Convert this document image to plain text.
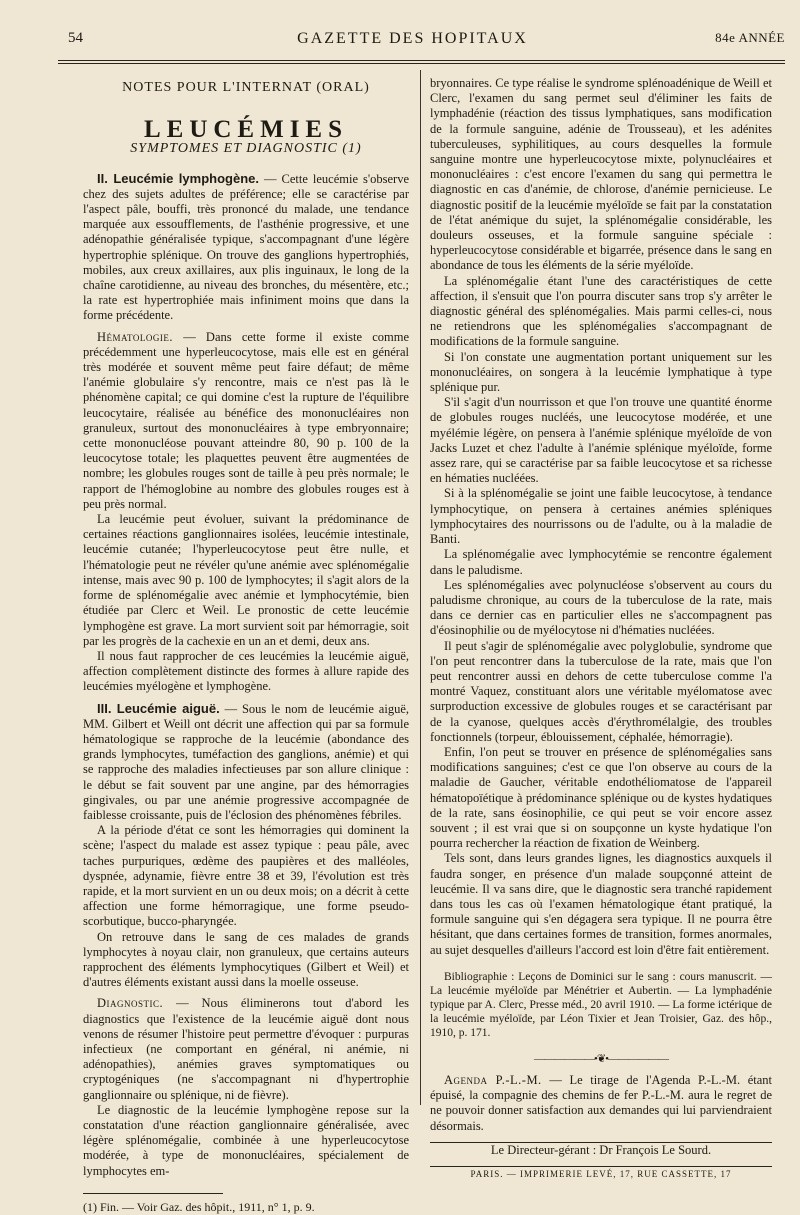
54	GAZETTE DES HOPITAUX	84e ANNÉE
NOTES POUR L'INTERNAT (ORAL)
LEUCÉMIES
SYMPTOMES ET DIAGNOSTIC (1)

II. Leucémie lymphogène. — Cette leucémie s'observe chez des sujets adultes de préférence; elle se caractérise par l'aspect pâle, bouffi, très prononcé du malade, une tendance marquée aux essoufflements, de l'asthénie progressive, et une adénopathie généralisée typique, s'accompagnant d'une légère hypertrophie splénique. On trouve des ganglions hypertrophiés, mobiles, aux creux axillaires, aux plis inguinaux, le long de la chaîne carotidienne, au niveau des bronches, du mésentère, etc.; la rate est hypertrophiée mais infiniment moins que dans la forme précédente.

Hématologie. — Dans cette forme il existe comme précédemment une hyperleucocytose, mais elle est en général très modérée et souvent même peut faire défaut; de même l'anémie globulaire s'y rencontre, mais ce n'est pas là le phénomène capital; ce qui domine c'est la rupture de l'équilibre leucocytaire, réalisée au bénéfice des mononucléaires non granuleux, surtout des mononucléaires à type embryonnaire; cette mononucléose pouvant atteindre 80, 90 p. 100 de la leucocytose totale; les plaquettes peuvent être augmentées de nombre; les globules rouges sont de taille à peu près normale; le rapport de l'hémoglobine au nombre des globules rouges est à peu près normal.

La leucémie peut évoluer, suivant la prédominance de certaines réactions ganglionnaires isolées, leucémie intestinale, leucémie cutanée; l'hyperleucocytose peut être nulle, et l'hématologie peut ne révéler qu'une anémie avec splénomégalie intense, mais avec 90 p. 100 de lymphocytes; il s'agit alors de la forme de splénomégalie avec anémie et lymphocytémie, bien étudiée par Clerc et Weil. Le pronostic de cette leucémie lymphogène est grave. La mort survient soit par hémorragie, soit par les progrès de la cachexie en un an et demi, deux ans.

Il nous faut rapprocher de ces leucémies la leucémie aiguë, affection complètement distincte des formes à allure rapide des leucémies myélogène et lymphogène.

III. Leucémie aiguë. — Sous le nom de leucémie aiguë, MM. Gilbert et Weill ont décrit une affection qui par sa formule hématologique se rapproche de la leucémie (abondance des grands lymphocytes, tuméfaction des ganglions, anémie) et qui se rapproche des maladies infectieuses par son allure clinique : le début se fait souvent par une angine, par des hémorragies gingivales, ou par une anémie progressive accompagnée de faiblesse croissante, puis de l'éclosion des phénomènes fébriles.

A la période d'état ce sont les hémorragies qui dominent la scène; l'aspect du malade est assez typique : peau pâle, avec taches purpuriques, œdème des paupières et des malléoles, dyspnée, adynamie, fièvre entre 38 et 39, l'évolution est très rapide, et la mort survient en un ou deux mois; on a décrit à cette affection une forme hémorragique, une forme pseudo-scorbutique, bucco-pharyngée.

On retrouve dans le sang de ces malades de grands lymphocytes à noyau clair, non granuleux, que certains auteurs rapprochent des éléments lymphocytiques (Gilbert et Weil) et d'autres éléments existant aussi dans la moelle osseuse.

Diagnostic. — Nous éliminerons tout d'abord les diagnostics que l'existence de la leucémie aiguë dont nous venons de résumer l'histoire peut permettre d'évoquer : purpuras infectieux (ne comportant en général, ni anémie, ni adénopathies), anémies graves symptomatiques ou cryptogéniques (ne s'accompagnant ni d'hypertrophie ganglionnaire ou splénique, ni de fièvre).

Le diagnostic de la leucémie lymphogène repose sur la constatation d'une réaction ganglionnaire généralisée, avec légère splénomégalie, combinée à une hyperleucocytose modérée, à type de mononucléaires, spécialement de lymphocytes em-

(1) Fin. — Voir Gaz. des hôpit., 1911, n° 1, p. 9.

bryonnaires. Ce type réalise le syndrome splénoadénique de Weill et Clerc, l'examen du sang permet seul d'éliminer les faits de lymphadénie (réaction des tissus lymphatiques, sans modification de la formule sanguine, adénie de Trousseau), et les adénites tuberculeuses, syphilitiques, au cours desquelles la formule sanguine montre une hyperleucocytose mixte, polynucléaires et mononucléaires : c'est encore l'examen du sang qui permettra le diagnostic en cas d'anémie, de chlorose, d'anémie pernicieuse. Le diagnostic positif de la leucémie myéloïde se fait par la constatation de l'état anémique du sujet, la splénomégalie considérable, les douleurs osseuses, et la formule sanguine spéciale : hyperleucocytose considérable et bigarrée, présence dans le sang en abondance de tous les éléments de la série myéloïde.

La splénomégalie étant l'une des caractéristiques de cette affection, il s'ensuit que l'on pourra discuter sans trop s'y arrêter le diagnostic général des splénomégalies. Mais parmi celles-ci, nous ne retiendrons que les splénomégalies s'accompagnant de modifications de la formule sanguine.

Si l'on constate une augmentation portant uniquement sur les mononucléaires, on songera à la leucémie lymphatique à type splénique pur.

S'il s'agit d'un nourrisson et que l'on trouve une quantité énorme de globules rouges nucléés, une leucocytose modérée, et une myélémie légère, on pensera à l'anémie splénique myéloïde de von Jacks Luzet et chez l'adulte à l'anémie splénique myéloïde, forme assez rare, qui se caractérise par sa faible leucocytose et sa richesse en hématies nucléées.

Si à la splénomégalie se joint une faible leucocytose, à tendance lymphocytique, on pensera à certaines anémies spléniques lymphocytaires des nourrissons ou de l'adulte, ou à la maladie de Banti.

La splénomégalie avec lymphocytémie se rencontre également dans le paludisme.

Les splénomégalies avec polynucléose s'observent au cours du paludisme chronique, au cours de la tuberculose de la rate, mais dans ce dernier cas en particulier elles ne s'accompagnent pas d'éosinophilie ou de myélocytose ni d'hématies nucléées.

Il peut s'agir de splénomégalie avec polyglobulie, syndrome que l'on peut rencontrer dans la tuberculose de la rate, mais que l'on peut rencontrer aussi en dehors de cette tuberculose comme l'a montré Vaquez, constituant alors une véritable myélomatose avec surproduction excessive de globules rouges et se caractérisant par de la cyanose, quelques accès d'érythromélalgie, des troubles fonctionnels (torpeur, éblouissement, céphalée, hémorragie).

Enfin, l'on peut se trouver en présence de splénomégalies sans modifications sanguines; c'est ce que l'on observe au cours de la maladie de Gaucher, véritable endothéliomatose de l'appareil hématopoïétique à prédominance splénique ou de kystes hydatiques de la rate, sans éosinophilie, ce qui peut se voir encore assez souvent ; il est vrai que si on soupçonne un kyste hydatique l'on pourra rechercher la réaction de fixation de Weinberg.

Tels sont, dans leurs grandes lignes, les diagnostics auxquels il faudra songer, en présence d'un malade soupçonné atteint de leucémie. Il va sans dire, que le diagnostic sera tranché rapidement dans tous les cas où l'examen hématologique étant pratiqué, la formule sanguine qui s'en dégagera sera typique. Il ne pourra être hésitant, que dans certaines formes de transition, formes anormales, au sujet desquelles d'ailleurs l'accord est loin d'être fait entièrement.

Bibliographie : Leçons de Dominici sur le sang : cours manuscrit. — La leucémie myéloïde par Ménétrier et Aubertin. — La lymphadénie typique par A. Clerc, Presse méd., 20 avril 1910. — La forme ictérique de la leucémie myéloïde, par Léon Tixier et Jean Troisier, Gaz. des hôp., 1910, p. 171.

——————•❦•——————

Agenda P.-L.-M. — Le tirage de l'Agenda P.-L.-M. étant épuisé, la compagnie des chemins de fer P.-L.-M. aura le regret de ne pouvoir donner satisfaction aux demandes qui lui parviendraient désormais.

Le Directeur-gérant : Dr François Le Sourd.

PARIS. — IMPRIMERIE LEVÉ, 17, RUE CASSETTE, 17
